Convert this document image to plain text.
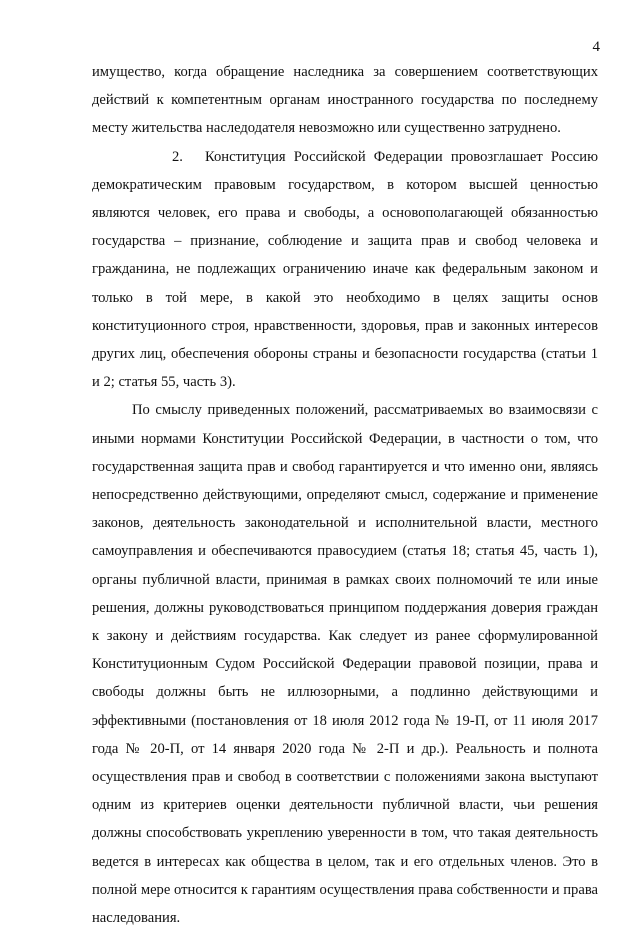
4

имущество, когда обращение наследника за совершением соответствующих действий к компетентным органам иностранного государства по последнему месту жительства наследодателя невозможно или существенно затруднено.

2. Конституция Российской Федерации провозглашает Россию демократическим правовым государством, в котором высшей ценностью являются человек, его права и свободы, а основополагающей обязанностью государства – признание, соблюдение и защита прав и свобод человека и гражданина, не подлежащих ограничению иначе как федеральным законом и только в той мере, в какой это необходимо в целях защиты основ конституционного строя, нравственности, здоровья, прав и законных интересов других лиц, обеспечения обороны страны и безопасности государства (статьи 1 и 2; статья 55, часть 3).

По смыслу приведенных положений, рассматриваемых во взаимосвязи с иными нормами Конституции Российской Федерации, в частности о том, что государственная защита прав и свобод гарантируется и что именно они, являясь непосредственно действующими, определяют смысл, содержание и применение законов, деятельность законодательной и исполнительной власти, местного самоуправления и обеспечиваются правосудием (статья 18; статья 45, часть 1), органы публичной власти, принимая в рамках своих полномочий те или иные решения, должны руководствоваться принципом поддержания доверия граждан к закону и действиям государства. Как следует из ранее сформулированной Конституционным Судом Российской Федерации правовой позиции, права и свободы должны быть не иллюзорными, а подлинно действующими и эффективными (постановления от 18 июля 2012 года № 19-П, от 11 июля 2017 года № 20-П, от 14 января 2020 года № 2-П и др.). Реальность и полнота осуществления прав и свобод в соответствии с положениями закона выступают одним из критериев оценки деятельности публичной власти, чьи решения должны способствовать укреплению уверенности в том, что такая деятельность ведется в интересах как общества в целом, так и его отдельных членов. Это в полной мере относится к гарантиям осуществления права собственности и права наследования.
